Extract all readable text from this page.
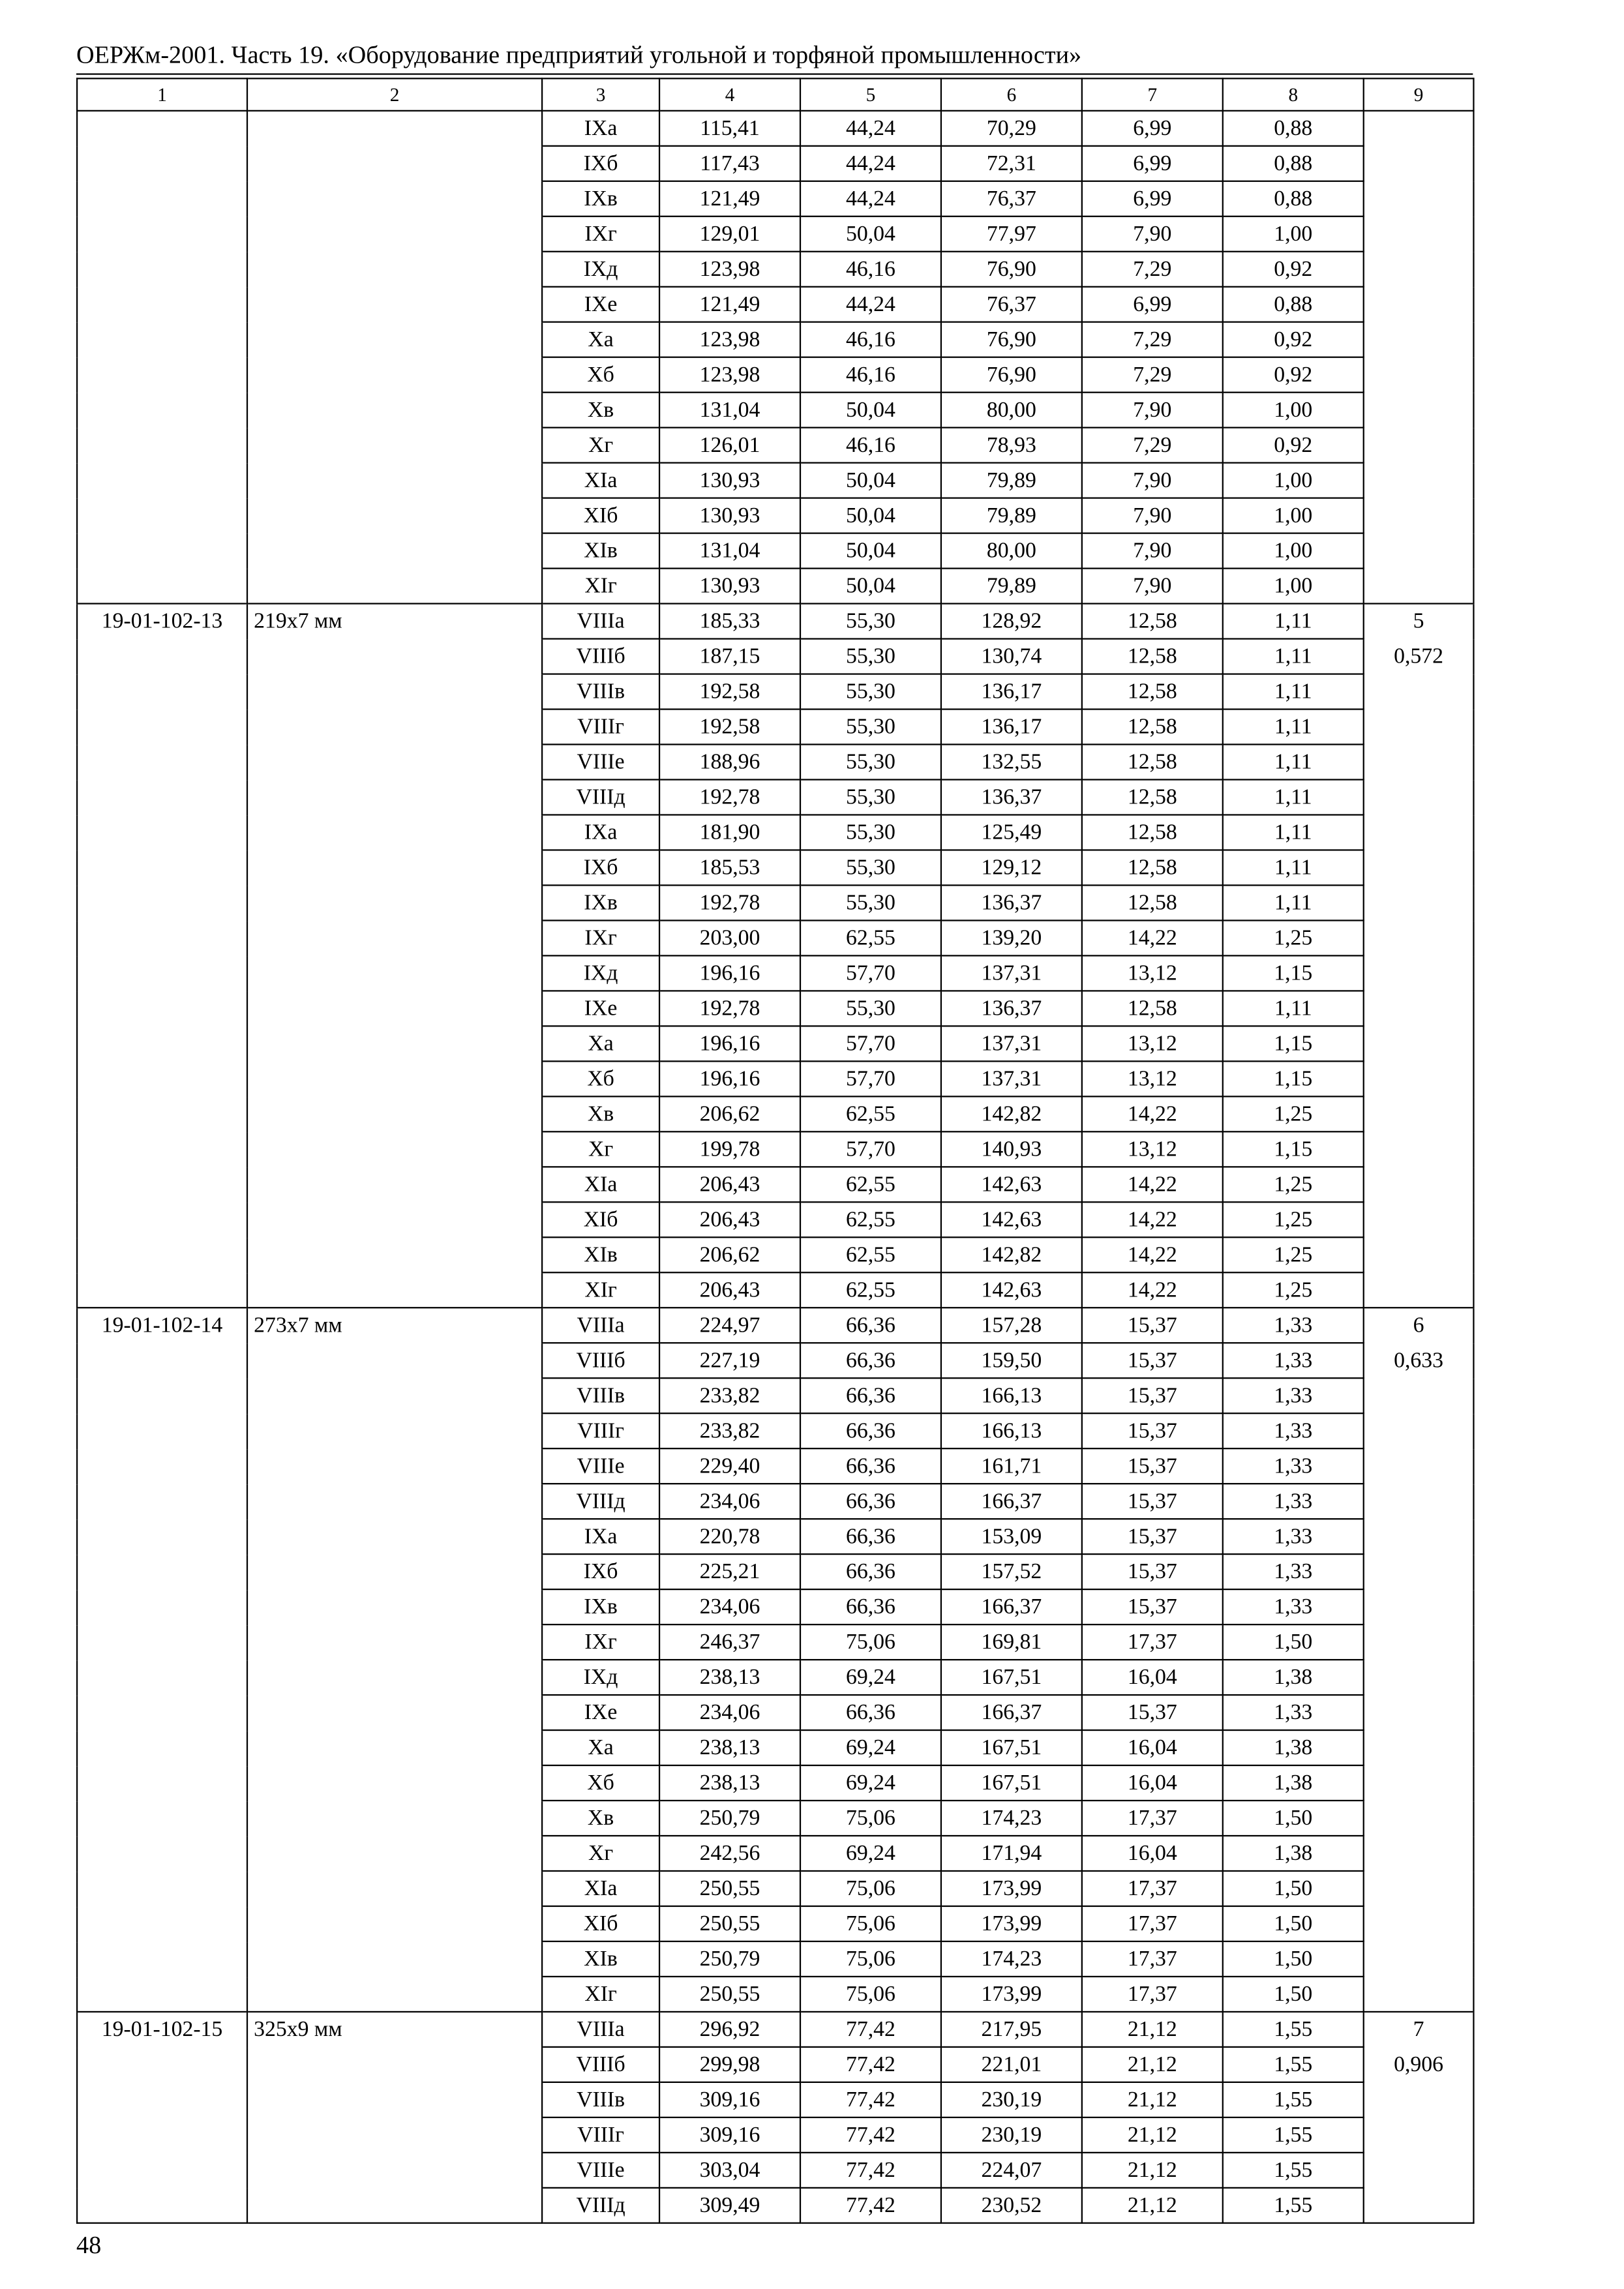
ОЕРЖм-2001. Часть 19. «Оборудование предприятий угольной и торфяной промышленности»
1	2	3	4	5	6	7	8	9
		IXа	115,41	44,24	70,29	6,99	0,88	
		IXб	117,43	44,24	72,31	6,99	0,88	
		IXв	121,49	44,24	76,37	6,99	0,88	
		IXг	129,01	50,04	77,97	7,90	1,00	
		IXд	123,98	46,16	76,90	7,29	0,92	
		IXе	121,49	44,24	76,37	6,99	0,88	
		Xа	123,98	46,16	76,90	7,29	0,92	
		Xб	123,98	46,16	76,90	7,29	0,92	
		Xв	131,04	50,04	80,00	7,90	1,00	
		Xг	126,01	46,16	78,93	7,29	0,92	
		XIа	130,93	50,04	79,89	7,90	1,00	
		XIб	130,93	50,04	79,89	7,90	1,00	
		XIв	131,04	50,04	80,00	7,90	1,00	
		XIг	130,93	50,04	79,89	7,90	1,00	
19-01-102-13	219х7 мм	VIIIа	185,33	55,30	128,92	12,58	1,11	5
		VIIIб	187,15	55,30	130,74	12,58	1,11	0,572
		VIIIв	192,58	55,30	136,17	12,58	1,11	
		VIIIг	192,58	55,30	136,17	12,58	1,11	
		VIIIе	188,96	55,30	132,55	12,58	1,11	
		VIIIд	192,78	55,30	136,37	12,58	1,11	
		IXа	181,90	55,30	125,49	12,58	1,11	
		IXб	185,53	55,30	129,12	12,58	1,11	
		IXв	192,78	55,30	136,37	12,58	1,11	
		IXг	203,00	62,55	139,20	14,22	1,25	
		IXд	196,16	57,70	137,31	13,12	1,15	
		IXе	192,78	55,30	136,37	12,58	1,11	
		Xа	196,16	57,70	137,31	13,12	1,15	
		Xб	196,16	57,70	137,31	13,12	1,15	
		Xв	206,62	62,55	142,82	14,22	1,25	
		Xг	199,78	57,70	140,93	13,12	1,15	
		XIа	206,43	62,55	142,63	14,22	1,25	
		XIб	206,43	62,55	142,63	14,22	1,25	
		XIв	206,62	62,55	142,82	14,22	1,25	
		XIг	206,43	62,55	142,63	14,22	1,25	
19-01-102-14	273х7 мм	VIIIа	224,97	66,36	157,28	15,37	1,33	6
		VIIIб	227,19	66,36	159,50	15,37	1,33	0,633
		VIIIв	233,82	66,36	166,13	15,37	1,33	
		VIIIг	233,82	66,36	166,13	15,37	1,33	
		VIIIе	229,40	66,36	161,71	15,37	1,33	
		VIIIд	234,06	66,36	166,37	15,37	1,33	
		IXа	220,78	66,36	153,09	15,37	1,33	
		IXб	225,21	66,36	157,52	15,37	1,33	
		IXв	234,06	66,36	166,37	15,37	1,33	
		IXг	246,37	75,06	169,81	17,37	1,50	
		IXд	238,13	69,24	167,51	16,04	1,38	
		IXе	234,06	66,36	166,37	15,37	1,33	
		Xа	238,13	69,24	167,51	16,04	1,38	
		Xб	238,13	69,24	167,51	16,04	1,38	
		Xв	250,79	75,06	174,23	17,37	1,50	
		Xг	242,56	69,24	171,94	16,04	1,38	
		XIа	250,55	75,06	173,99	17,37	1,50	
		XIб	250,55	75,06	173,99	17,37	1,50	
		XIв	250,79	75,06	174,23	17,37	1,50	
		XIг	250,55	75,06	173,99	17,37	1,50	
19-01-102-15	325х9 мм	VIIIа	296,92	77,42	217,95	21,12	1,55	7
		VIIIб	299,98	77,42	221,01	21,12	1,55	0,906
		VIIIв	309,16	77,42	230,19	21,12	1,55	
		VIIIг	309,16	77,42	230,19	21,12	1,55	
		VIIIе	303,04	77,42	224,07	21,12	1,55	
		VIIIд	309,49	77,42	230,52	21,12	1,55	
48
